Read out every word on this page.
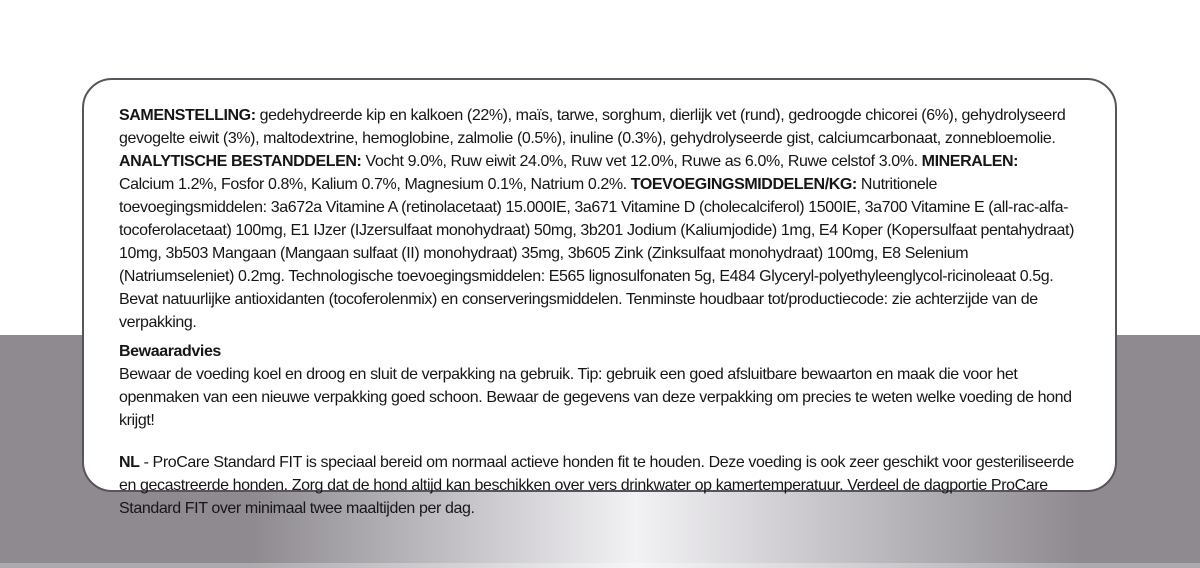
SAMENSTELLING: gedehydreerde kip en kalkoen (22%), maïs, tarwe, sorghum, dierlijk vet (rund), gedroogde chicorei (6%), gehydrolyseerd gevogelte eiwit (3%), maltodextrine, hemoglobine, zalmolie (0.5%), inuline (0.3%), gehydrolyseerde gist, calciumcarbonaat, zonnebloemolie. ANALYTISCHE BESTANDDELEN: Vocht 9.0%, Ruw eiwit 24.0%, Ruw vet 12.0%, Ruwe as 6.0%, Ruwe celstof 3.0%. MINERALEN: Calcium 1.2%, Fosfor 0.8%, Kalium 0.7%, Magnesium 0.1%, Natrium 0.2%. TOEVOEGINGSMIDDELEN/KG: Nutritionele toevoegingsmiddelen: 3a672a Vitamine A (retinolacetaat) 15.000IE, 3a671 Vitamine D (cholecalciferol) 1500IE, 3a700 Vitamine E (all-rac-alfa-tocoferolacetaat) 100mg, E1 IJzer (IJzersulfaat monohydraat) 50mg, 3b201 Jodium (Kaliumjodide) 1mg, E4 Koper (Kopersulfaat pentahydraat) 10mg, 3b503 Mangaan (Mangaan sulfaat (II) monohydraat) 35mg, 3b605 Zink (Zinksulfaat monohydraat) 100mg, E8 Selenium (Natriumseleniet) 0.2mg. Technologische toevoegingsmiddelen: E565 lignosulfonaten 5g, E484 Glyceryl-polyethyleenglycol-ricinoleaat 0.5g. Bevat natuurlijke antioxidanten (tocoferolenmix) en conserveringsmiddelen. Tenminste houdbaar tot/productiecode: zie achterzijde van de verpakking.

Bewaaradvies

Bewaar de voeding koel en droog en sluit de verpakking na gebruik. Tip: gebruik een goed afsluitbare bewaarton en maak die voor het openmaken van een nieuwe verpakking goed schoon. Bewaar de gegevens van deze verpakking om precies te weten welke voeding de hond krijgt!

NL - ProCare Standard FIT is speciaal bereid om normaal actieve honden fit te houden. Deze voeding is ook zeer geschikt voor gesteriliseerde en gecastreerde honden. Zorg dat de hond altijd kan beschikken over vers drinkwater op kamertemperatuur. Verdeel de dagportie ProCare Standard FIT over minimaal twee maaltijden per dag.
